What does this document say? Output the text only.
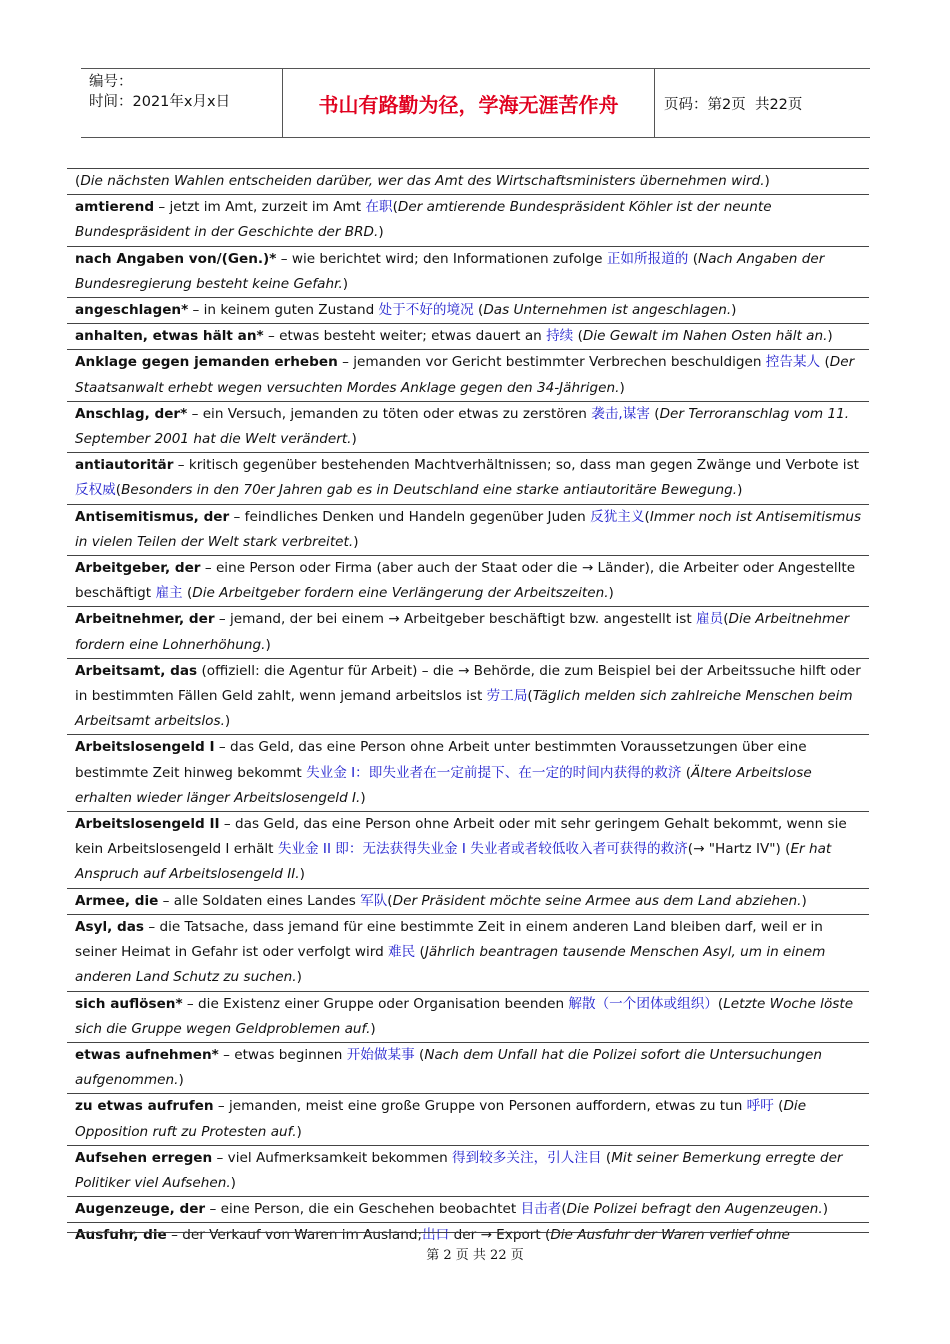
编号：
时间：2021年x月x日	书山有路勤为径，学海无涯苦作舟	页码：第2页  共22页
(Die nächsten Wahlen entscheiden darüber, wer das Amt des Wirtschaftsministers übernehmen wird.)
amtierend – jetzt im Amt, zurzeit im Amt 在职(Der amtierende Bundespräsident Köhler ist der neunte Bundespräsident in der Geschichte der BRD.)
nach Angaben von/(Gen.)* – wie berichtet wird; den Informationen zufolge 正如所报道的 (Nach Angaben der Bundesregierung besteht keine Gefahr.)
angeschlagen* – in keinem guten Zustand 处于不好的境况 (Das Unternehmen ist angeschlagen.)
anhalten, etwas hält an* – etwas besteht weiter; etwas dauert an 持续 (Die Gewalt im Nahen Osten hält an.)
Anklage gegen jemanden erheben – jemanden vor Gericht bestimmter Verbrechen beschuldigen 控告某人 (Der Staatsanwalt erhebt wegen versuchten Mordes Anklage gegen den 34-Jährigen.)
Anschlag, der* – ein Versuch, jemanden zu töten oder etwas zu zerstören 袭击,谋害 (Der Terroranschlag vom 11. September 2001 hat die Welt verändert.)
antiautoritär – kritisch gegenüber bestehenden Machtverhältnissen; so, dass man gegen Zwänge und Verbote ist 反权威(Besonders in den 70er Jahren gab es in Deutschland eine starke antiautoritäre Bewegung.)
Antisemitismus, der – feindliches Denken und Handeln gegenüber Juden 反犹主义(Immer noch ist Antisemitismus in vielen Teilen der Welt stark verbreitet.)
Arbeitgeber, der – eine Person oder Firma (aber auch der Staat oder die → Länder), die Arbeiter oder Angestellte beschäftigt 雇主 (Die Arbeitgeber fordern eine Verlängerung der Arbeitszeiten.)
Arbeitnehmer, der – jemand, der bei einem → Arbeitgeber beschäftigt bzw. angestellt ist 雇员(Die Arbeitnehmer fordern eine Lohnerhöhung.)
Arbeitsamt, das (offiziell: die Agentur für Arbeit) – die → Behörde, die zum Beispiel bei der Arbeitssuche hilft oder in bestimmten Fällen Geld zahlt, wenn jemand arbeitslos ist 劳工局(Täglich melden sich zahlreiche Menschen beim Arbeitsamt arbeitslos.)
Arbeitslosengeld I – das Geld, das eine Person ohne Arbeit unter bestimmten Voraussetzungen über eine bestimmte Zeit hinweg bekommt 失业金 I：即失业者在一定前提下、在一定的时间内获得的救济 (Ältere Arbeitslose erhalten wieder länger Arbeitslosengeld I.)
Arbeitslosengeld II – das Geld, das eine Person ohne Arbeit oder mit sehr geringem Gehalt bekommt, wenn sie kein Arbeitslosengeld I erhält 失业金 II 即：无法获得失业金 I 失业者或者较低收入者可获得的救济(→ "Hartz IV") (Er hat Anspruch auf Arbeitslosengeld II.)
Armee, die – alle Soldaten eines Landes 军队(Der Präsident möchte seine Armee aus dem Land abziehen.)
Asyl, das – die Tatsache, dass jemand für eine bestimmte Zeit in einem anderen Land bleiben darf, weil er in seiner Heimat in Gefahr ist oder verfolgt wird 难民 (Jährlich beantragen tausende Menschen Asyl, um in einem anderen Land Schutz zu suchen.)
sich auflösen* – die Existenz einer Gruppe oder Organisation beenden 解散（一个团体或组织）(Letzte Woche löste sich die Gruppe wegen Geldproblemen auf.)
etwas aufnehmen* – etwas beginnen 开始做某事 (Nach dem Unfall hat die Polizei sofort die Untersuchungen aufgenommen.)
zu etwas aufrufen – jemanden, meist eine große Gruppe von Personen auffordern, etwas zu tun 呼吁 (Die Opposition ruft zu Protesten auf.)
Aufsehen erregen – viel Aufmerksamkeit bekommen 得到较多关注，引人注目 (Mit seiner Bemerkung erregte der Politiker viel Aufsehen.)
Augenzeuge, der – eine Person, die ein Geschehen beobachtet 目击者(Die Polizei befragt den Augenzeugen.)
Ausfuhr, die – der Verkauf von Waren im Ausland;出口 der → Export (Die Ausfuhr der Waren verlief ohne
第 2 页 共 22 页
